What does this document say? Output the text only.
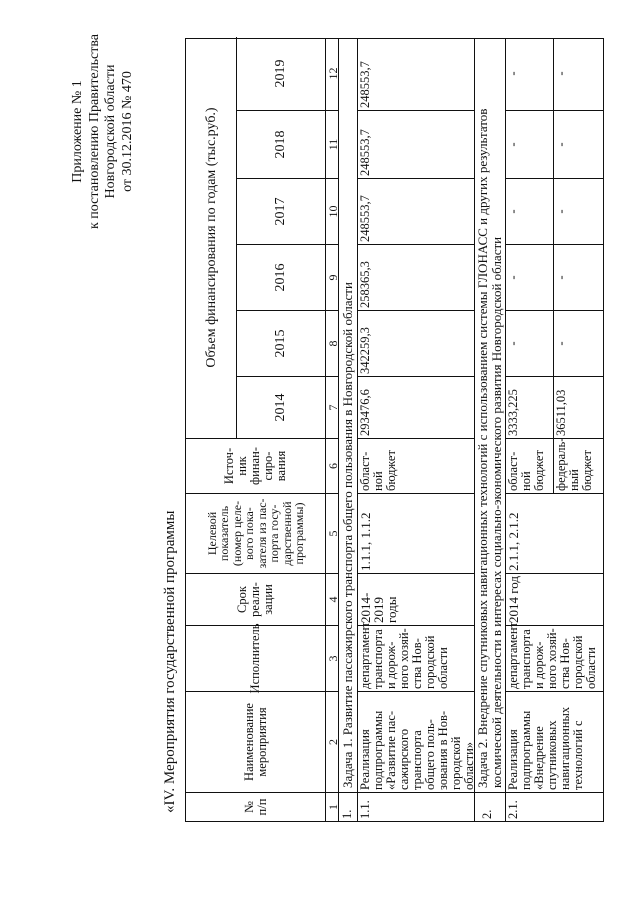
Приложение № 1 к постановлению Правительства Новгородской области от 30.12.2016 № 470
«IV. Мероприятия государственной программы	№ п/п
Наименование мероприятия
Исполнитель
Срок реали-зации
Целевой показатель (номер целе-вого пока-зателя из пас-порта госу-дарственной программы)
Источ-ник финан-сиро-вания
Объем финансирования по годам (тыс.руб.)
2014
2015
2016
2017
2018
2019
1
2
3
4
5
6
7
8
9
10
11
12
1.
Задача 1. Развитие пассажирского транспорта общего пользования в Новгородской области
1.1.
Реализация подпрограммы «Развитие пас-сажирского транспорта общего поль-зования в Нов-городской области»
департамент транспорта и дорож-ного хозяй-ства Нов-городской области
2014-2019 годы
1.1.1, 1.1.2
област-ной бюджет
293476,6
342259,3
258365,3
248553,7
248553,7
248553,7
2.
Задача 2. Внедрение спутниковых навигационных технологий с использованием системы ГЛОНАСС и других результатов космической деятельности в интересах социально-экономического развития Новгородской области
2.1.
Реализация подпрограммы «Внедрение спутниковых навигационных технологий с
департамент транспорта и дорож-ного хозяй-ства Нов-городской области
2014 год
2.1.1, 2.1.2
област-ной бюджет
3333,225
-
-
-
-
-
федераль-ный бюджет
36511,03
-
-
-
-
-
